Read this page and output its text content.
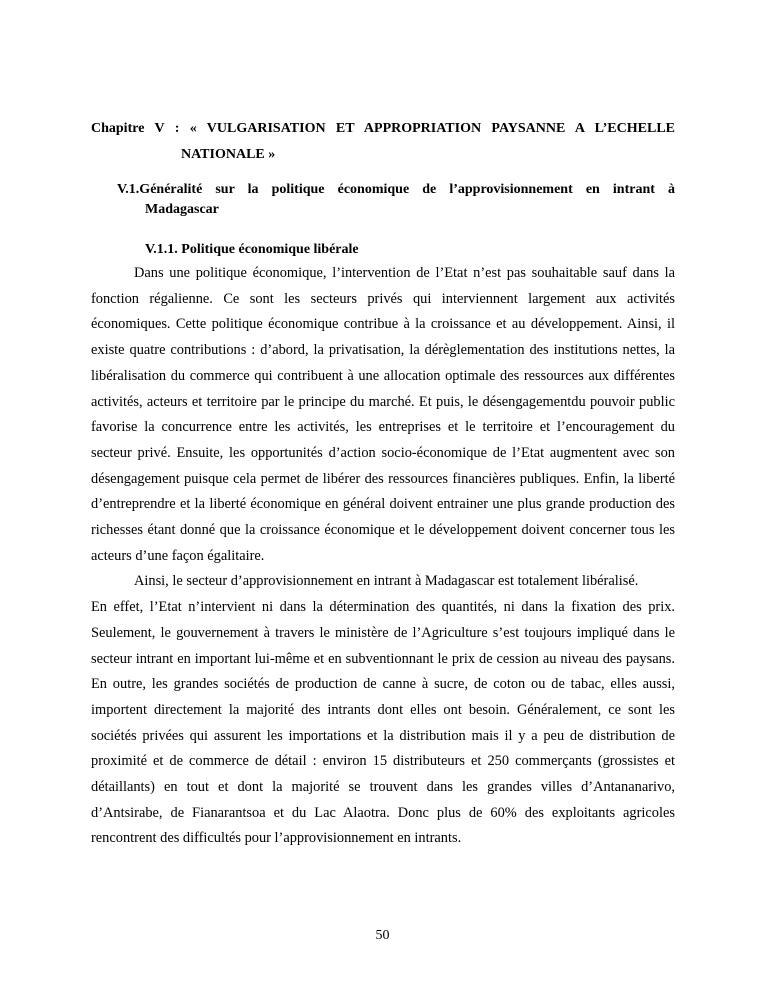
Chapitre V : « VULGARISATION ET APPROPRIATION PAYSANNE A L’ECHELLE
NATIONALE »
V.1.Généralité sur la politique économique de l’approvisionnement en intrant à
Madagascar
V.1.1. Politique économique libérale

Dans une politique économique, l’intervention de l’Etat n’est pas souhaitable sauf dans la fonction régalienne. Ce sont les secteurs privés qui interviennent largement aux activités économiques. Cette politique économique contribue à la croissance et au développement. Ainsi, il existe quatre contributions : d’abord, la privatisation, la dérèglementation des institutions nettes, la libéralisation du commerce qui contribuent à une allocation optimale des ressources aux différentes activités, acteurs et territoire par le principe du marché. Et puis, le désengagementdu pouvoir public favorise la concurrence entre les activités, les entreprises et le territoire et l’encouragement du secteur privé. Ensuite, les opportunités d’action socio-économique de l’Etat augmentent avec son désengagement puisque cela permet de libérer des ressources financières publiques. Enfin, la liberté d’entreprendre et la liberté économique en général doivent entrainer une plus grande production des richesses étant donné que la croissance économique et le développement doivent concerner tous les acteurs d’une façon égalitaire.

Ainsi, le secteur d’approvisionnement en intrant à Madagascar est totalement libéralisé.

En effet, l’Etat n’intervient ni dans la détermination des quantités, ni dans la fixation des prix. Seulement, le gouvernement à travers le ministère de l’Agriculture s’est toujours impliqué dans le secteur intrant en important lui-même et en subventionnant le prix de cession au niveau des paysans. En outre, les grandes sociétés de production de canne à sucre, de coton ou de tabac, elles aussi, importent directement la majorité des intrants dont elles ont besoin. Généralement, ce sont les sociétés privées qui assurent les importations et la distribution mais il y a peu de distribution de proximité et de commerce de détail : environ 15 distributeurs et 250 commerçants (grossistes et détaillants) en tout et dont la majorité se trouvent dans les grandes villes d’Antananarivo, d’Antsirabe, de Fianarantsoa et du Lac Alaotra. Donc plus de 60% des exploitants agricoles rencontrent des difficultés pour l’approvisionnement en intrants.

50
